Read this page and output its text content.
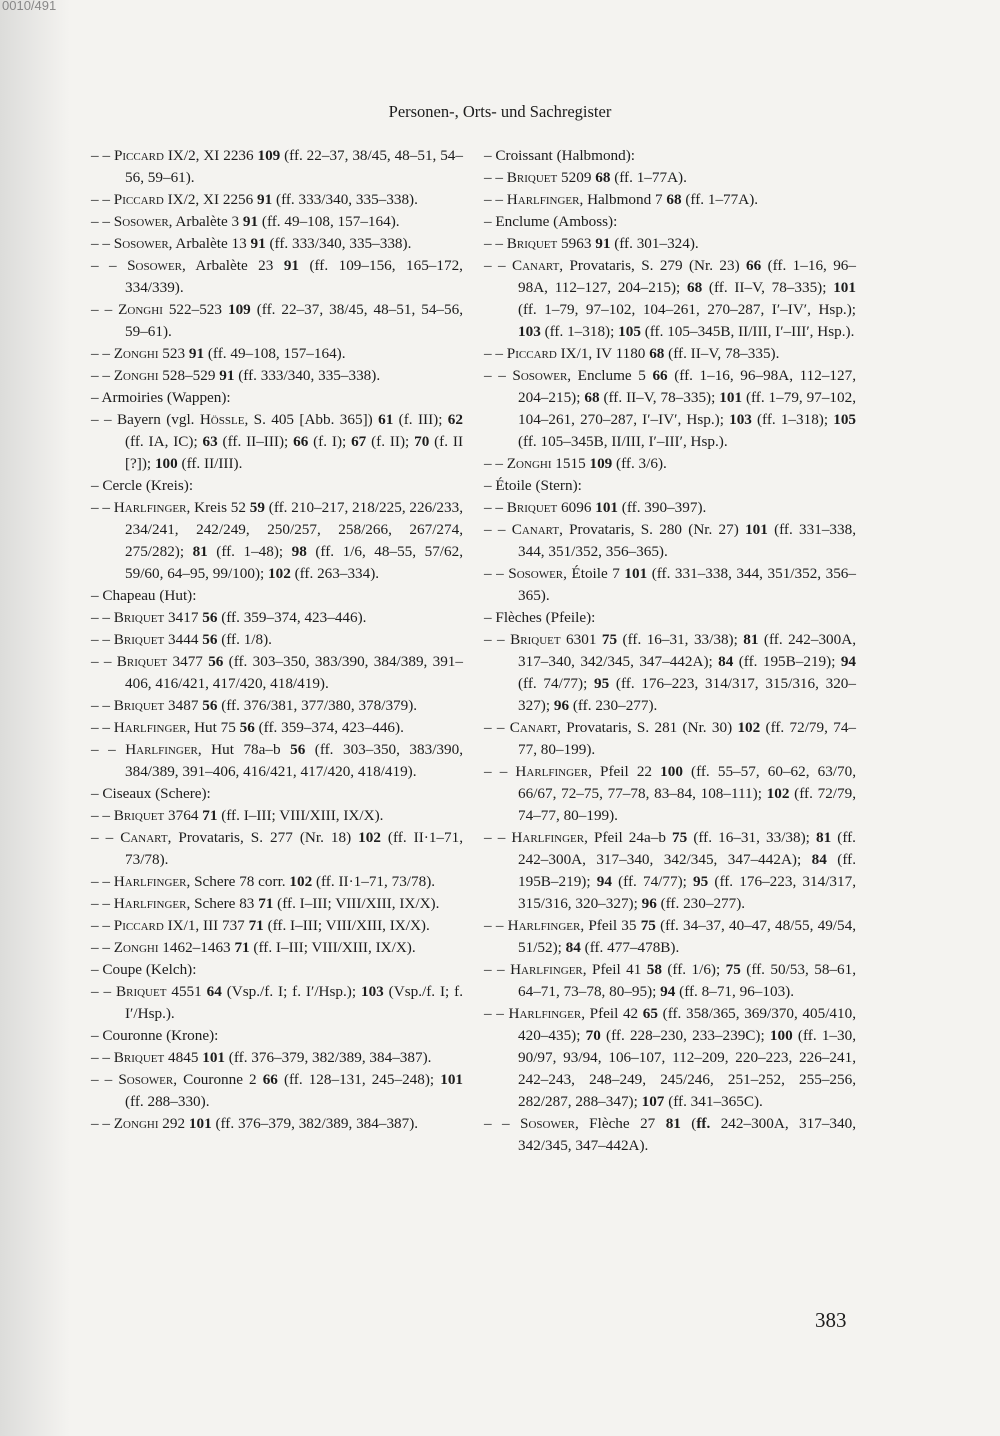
0010/491
Personen-, Orts- und Sachregister

– – Piccard IX/2, XI 2236 109 (ff. 22–37, 38/45, 48–51, 54–56, 59–61).

– – Piccard IX/2, XI 2256 91 (ff. 333/340, 335–338).

– – Sosower, Arbalète 3 91 (ff. 49–108, 157–164).

– – Sosower, Arbalète 13 91 (ff. 333/340, 335–338).

– – Sosower, Arbalète 23 91 (ff. 109–156, 165–172, 334/339).

– – Zonghi 522–523 109 (ff. 22–37, 38/45, 48–51, 54–56, 59–61).

– – Zonghi 523 91 (ff. 49–108, 157–164).

– – Zonghi 528–529 91 (ff. 333/340, 335–338).

– Armoiries (Wappen):

– – Bayern (vgl. Hössle, S. 405 [Abb. 365]) 61 (f. III); 62 (ff. IA, IC); 63 (ff. II–III); 66 (f. I); 67 (f. II); 70 (f. II [?]); 100 (ff. II/III).

– Cercle (Kreis):

– – Harlfinger, Kreis 52 59 (ff. 210–217, 218/225, 226/233, 234/241, 242/249, 250/257, 258/266, 267/274, 275/282); 81 (ff. 1–48); 98 (ff. 1/6, 48–55, 57/62, 59/60, 64–95, 99/100); 102 (ff. 263–334).

– Chapeau (Hut):

– – Briquet 3417 56 (ff. 359–374, 423–446).

– – Briquet 3444 56 (ff. 1/8).

– – Briquet 3477 56 (ff. 303–350, 383/390, 384/389, 391–406, 416/421, 417/420, 418/419).

– – Briquet 3487 56 (ff. 376/381, 377/380, 378/379).

– – Harlfinger, Hut 75 56 (ff. 359–374, 423–446).

– – Harlfinger, Hut 78a–b 56 (ff. 303–350, 383/390, 384/389, 391–406, 416/421, 417/420, 418/419).

– Ciseaux (Schere):

– – Briquet 3764 71 (ff. I–III; VIII/XIII, IX/X).

– – Canart, Provataris, S. 277 (Nr. 18) 102 (ff. II·1–71, 73/78).

– – Harlfinger, Schere 78 corr. 102 (ff. II·1–71, 73/78).

– – Harlfinger, Schere 83 71 (ff. I–III; VIII/XIII, IX/X).

– – Piccard IX/1, III 737 71 (ff. I–III; VIII/XIII, IX/X).

– – Zonghi 1462–1463 71 (ff. I–III; VIII/XIII, IX/X).

– Coupe (Kelch):

– – Briquet 4551 64 (Vsp./f. I; f. I′/Hsp.); 103 (Vsp./f. I; f. I′/Hsp.).

– Couronne (Krone):

– – Briquet 4845 101 (ff. 376–379, 382/389, 384–387).

– – Sosower, Couronne 2 66 (ff. 128–131, 245–248); 101 (ff. 288–330).

– – Zonghi 292 101 (ff. 376–379, 382/389, 384–387).

– Croissant (Halbmond):

– – Briquet 5209 68 (ff. 1–77A).

– – Harlfinger, Halbmond 7 68 (ff. 1–77A).

– Enclume (Amboss):

– – Briquet 5963 91 (ff. 301–324).

– – Canart, Provataris, S. 279 (Nr. 23) 66 (ff. 1–16, 96–98A, 112–127, 204–215); 68 (ff. II–V, 78–335); 101 (ff. 1–79, 97–102, 104–261, 270–287, I′–IV′, Hsp.); 103 (ff. 1–318); 105 (ff. 105–345B, II/III, I′–III′, Hsp.).

– – Piccard IX/1, IV 1180 68 (ff. II–V, 78–335).

– – Sosower, Enclume 5 66 (ff. 1–16, 96–98A, 112–127, 204–215); 68 (ff. II–V, 78–335); 101 (ff. 1–79, 97–102, 104–261, 270–287, I′–IV′, Hsp.); 103 (ff. 1–318); 105 (ff. 105–345B, II/III, I′–III′, Hsp.).

– – Zonghi 1515 109 (ff. 3/6).

– Étoile (Stern):

– – Briquet 6096 101 (ff. 390–397).

– – Canart, Provataris, S. 280 (Nr. 27) 101 (ff. 331–338, 344, 351/352, 356–365).

– – Sosower, Étoile 7 101 (ff. 331–338, 344, 351/352, 356–365).

– Flèches (Pfeile):

– – Briquet 6301 75 (ff. 16–31, 33/38); 81 (ff. 242–300A, 317–340, 342/345, 347–442A); 84 (ff. 195B–219); 94 (ff. 74/77); 95 (ff. 176–223, 314/317, 315/316, 320–327); 96 (ff. 230–277).

– – Canart, Provataris, S. 281 (Nr. 30) 102 (ff. 72/79, 74–77, 80–199).

– – Harlfinger, Pfeil 22 100 (ff. 55–57, 60–62, 63/70, 66/67, 72–75, 77–78, 83–84, 108–111); 102 (ff. 72/79, 74–77, 80–199).

– – Harlfinger, Pfeil 24a–b 75 (ff. 16–31, 33/38); 81 (ff. 242–300A, 317–340, 342/345, 347–442A); 84 (ff. 195B–219); 94 (ff. 74/77); 95 (ff. 176–223, 314/317, 315/316, 320–327); 96 (ff. 230–277).

– – Harlfinger, Pfeil 35 75 (ff. 34–37, 40–47, 48/55, 49/54, 51/52); 84 (ff. 477–478B).

– – Harlfinger, Pfeil 41 58 (ff. 1/6); 75 (ff. 50/53, 58–61, 64–71, 73–78, 80–95); 94 (ff. 8–71, 96–103).

– – Harlfinger, Pfeil 42 65 (ff. 358/365, 369/370, 405/410, 420–435); 70 (ff. 228–230, 233–239C); 100 (ff. 1–30, 90/97, 93/94, 106–107, 112–209, 220–223, 226–241, 242–243, 248–249, 245/246, 251–252, 255–256, 282/287, 288–347); 107 (ff. 341–365C).

– – Sosower, Flèche 27 81 (ff. 242–300A, 317–340, 342/345, 347–442A).

383
